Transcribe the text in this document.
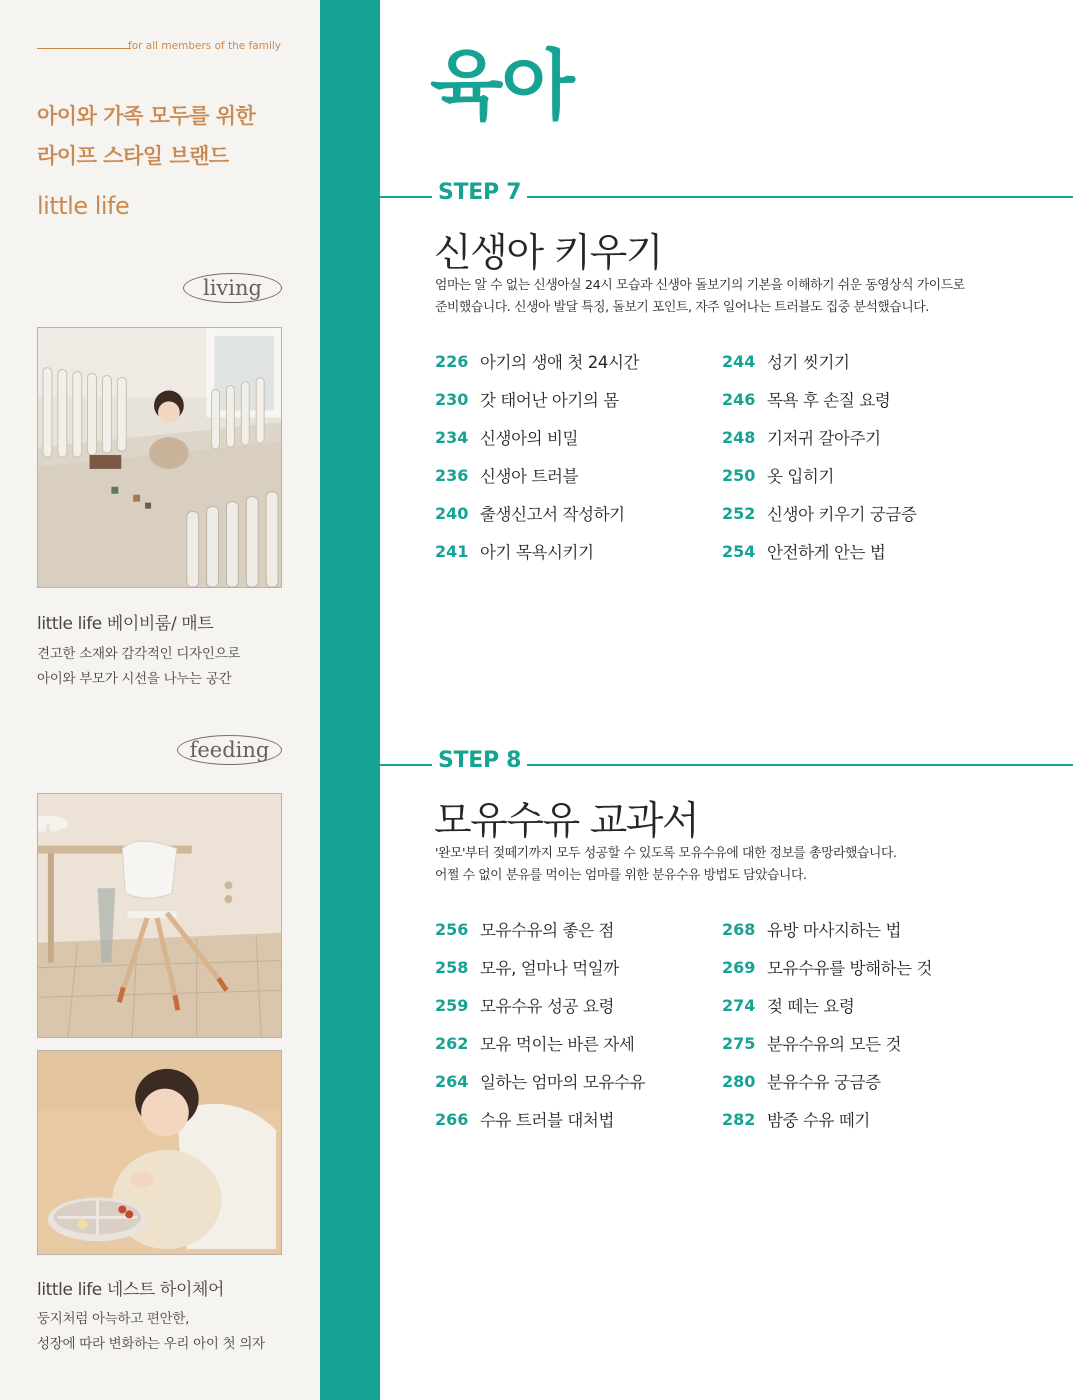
for all members of the family
아이와 가족 모두를 위한
라이프 스타일 브랜드
little life
living
little life 베이비룸/ 매트
견고한 소재와 감각적인 디자인으로
아이와 부모가 시선을 나누는 공간
feeding
little life 네스트 하이체어
둥지처럼 아늑하고 편안한,
성장에 따라 변화하는 우리 아이 첫 의자
육아
STEP 7
신생아 키우기
엄마는 알 수 없는 신생아실 24시 모습과 신생아 돌보기의 기본을 이해하기 쉬운 동영상식 가이드로
준비했습니다. 신생아 발달 특징, 돌보기 포인트, 자주 일어나는 트러블도 집중 분석했습니다.
226 아기의 생애 첫 24시간
230 갓 태어난 아기의 몸
234 신생아의 비밀
236 신생아 트러블
240 출생신고서 작성하기
241 아기 목욕시키기
244 성기 씻기기
246 목욕 후 손질 요령
248 기저귀 갈아주기
250 옷 입히기
252 신생아 키우기 궁금증
254 안전하게 안는 법
STEP 8
모유수유 교과서
'완모'부터 젖떼기까지 모두 성공할 수 있도록 모유수유에 대한 정보를 총망라했습니다.
어쩔 수 없이 분유를 먹이는 엄마를 위한 분유수유 방법도 담았습니다.
256 모유수유의 좋은 점
258 모유, 얼마나 먹일까
259 모유수유 성공 요령
262 모유 먹이는 바른 자세
264 일하는 엄마의 모유수유
266 수유 트러블 대처법
268 유방 마사지하는 법
269 모유수유를 방해하는 것
274 젖 떼는 요령
275 분유수유의 모든 것
280 분유수유 궁금증
282 밤중 수유 떼기
